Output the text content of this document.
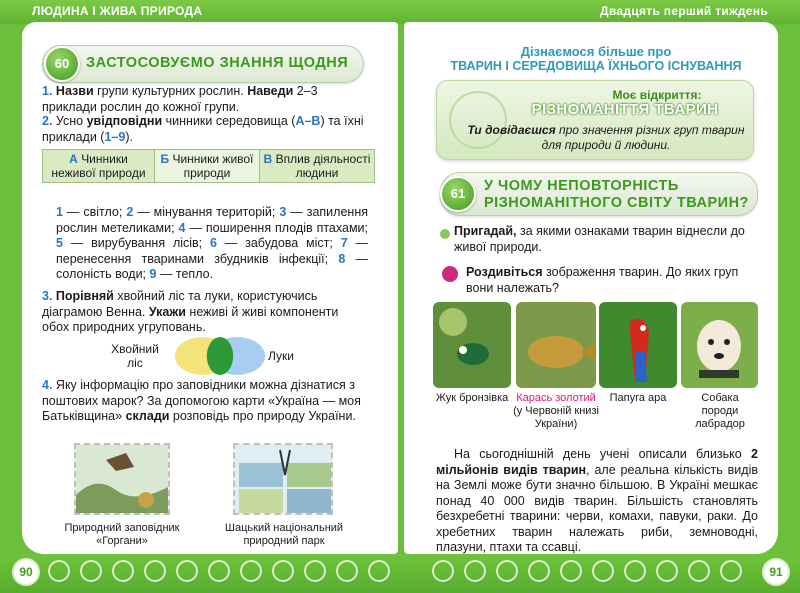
ЛЮДИНА І ЖИВА ПРИРОДА	Двадцять перший тиждень
60	ЗАСТОСОВУЄМО ЗНАННЯ ЩОДНЯ
1. Назви групи культурних рослин. Наведи 2–3 приклади рослин до кожної групи.
2. Усно увідповідни чинники середовища (А–В) та їхні приклади (1–9).
А Чинники неживої природи	Б Чинники живої природи	В Вплив діяльності людини
1 — світло; 2 — мінування територій; 3 — запилення рослин метеликами; 4 — поширення плодів птахами; 5 — вирубування лісів; 6 — забудова міст; 7 — перенесення тваринами збудників інфекції; 8 — солоність води; 9 — тепло.
3. Порівняй хвойний ліс та луки, користуючись діаграмою Венна. Укажи неживі й живі компоненти обох природних угруповань.
Хвойний ліс	Луки
4. Яку інформацію про заповідники можна дізнатися з поштових марок? За допомогою карти «Україна — моя Батьківщина» склади розповідь про природу України.
Природний заповідник «Горгани»
Шацький національний природний парк
Дізнаємося більше про
ТВАРИН І СЕРЕДОВИЩА ЇХНЬОГО ІСНУВАННЯ
Моє відкриття:
РІЗНОМАНІТТЯ ТВАРИН
Ти довідаєшся про значення різних груп тварин для природи й людини.
61	У ЧОМУ НЕПОВТОРНІСТЬ РІЗНОМАНІТНОГО СВІТУ ТВАРИН?
Пригадай, за якими ознаками тварин віднесли до живої природи.
Роздивіться зображення тварин. До яких груп вони належать?
Жук бронзівка Карась золотий
(у Червоній книзі України)
Папуга ара	Собака породи лабрадор
На сьогоднішній день учені описали близько 2 мільйонів видів тварин, але реальна кількість видів на Землі може бути значно більшою. В Україні мешкає понад 40 000 видів тварин. Більшість становлять безхребетні тварини: черви, комахи, павуки, раки. До хребетних тварин належать риби, земноводні, плазуни, птахи та ссавці.
90	91
